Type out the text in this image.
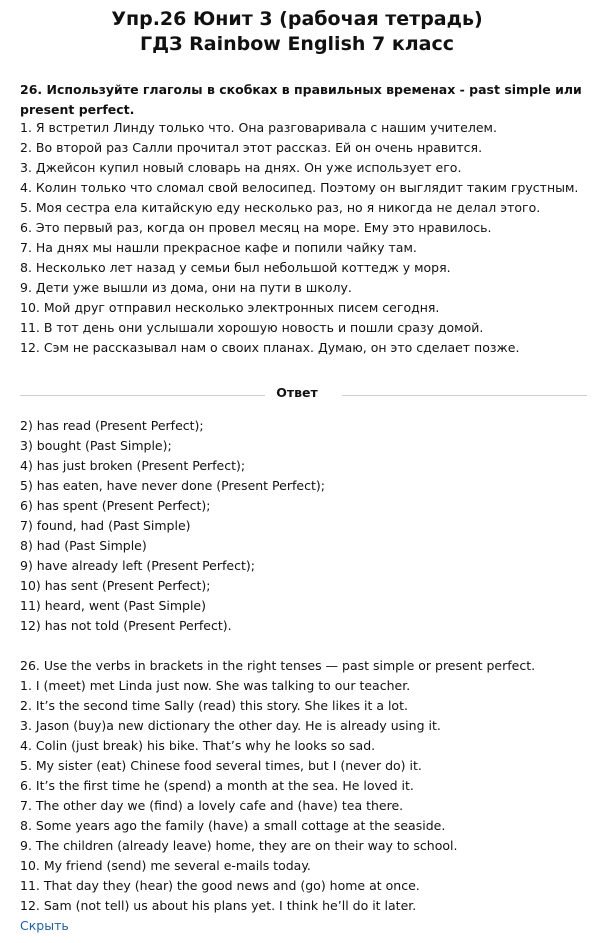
Упр.26 Юнит 3 (рабочая тетрадь)
ГДЗ Rainbow English 7 класс
26. Используйте глаголы в скобках в правильных временах - past simple или present perfect.
1. Я встретил Линду только что. Она разговаривала с нашим учителем.
2. Во второй раз Салли прочитал этот рассказ. Ей он очень нравится.
3. Джейсон купил новый словарь на днях. Он уже использует его.
4. Колин только что сломал свой велосипед. Поэтому он выглядит таким грустным.
5. Моя сестра ела китайскую еду несколько раз, но я никогда не делал этого.
6. Это первый раз, когда он провел месяц на море. Ему это нравилось.
7. На днях мы нашли прекрасное кафе и попили чайку там.
8. Несколько лет назад у семьи был небольшой коттедж у моря.
9. Дети уже вышли из дома, они на пути в школу.
10. Мой друг отправил несколько электронных писем сегодня.
11. В тот день они услышали хорошую новость и пошли сразу домой.
12. Сэм не рассказывал нам о своих планах. Думаю, он это сделает позже.
Ответ
2) has read (Present Perfect);
3) bought (Past Simple);
4) has just broken (Present Perfect);
5) has eaten, have never done (Present Perfect);
6) has spent (Present Perfect);
7) found, had (Past Simple)
8) had (Past Simple)
9) have already left (Present Perfect);
10) has sent (Present Perfect);
11) heard, went (Past Simple)
12) has not told (Present Perfect).
26. Use the verbs in brackets in the right tenses — past simple or present perfect.
1. I (meet) met Linda just now. She was talking to our teacher.
2. It’s the second time Sally (read) this story. She likes it a lot.
3. Jason (buy)a new dictionary the other day. He is already using it.
4. Colin (just break) his bike. That’s why he looks so sad.
5. My sister (eat) Chinese food several times, but I (never do) it.
6. It’s the first time he (spend) a month at the sea. He loved it.
7. The other day we (find) a lovely cafe and (have) tea there.
8. Some years ago the family (have) a small cottage at the seaside.
9. The children (already leave) home, they are on their way to school.
10. My friend (send) me several e-mails today.
11. That day they (hear) the good news and (go) home at once.
12. Sam (not tell) us about his plans yet. I think he’ll do it later.
Скрыть
